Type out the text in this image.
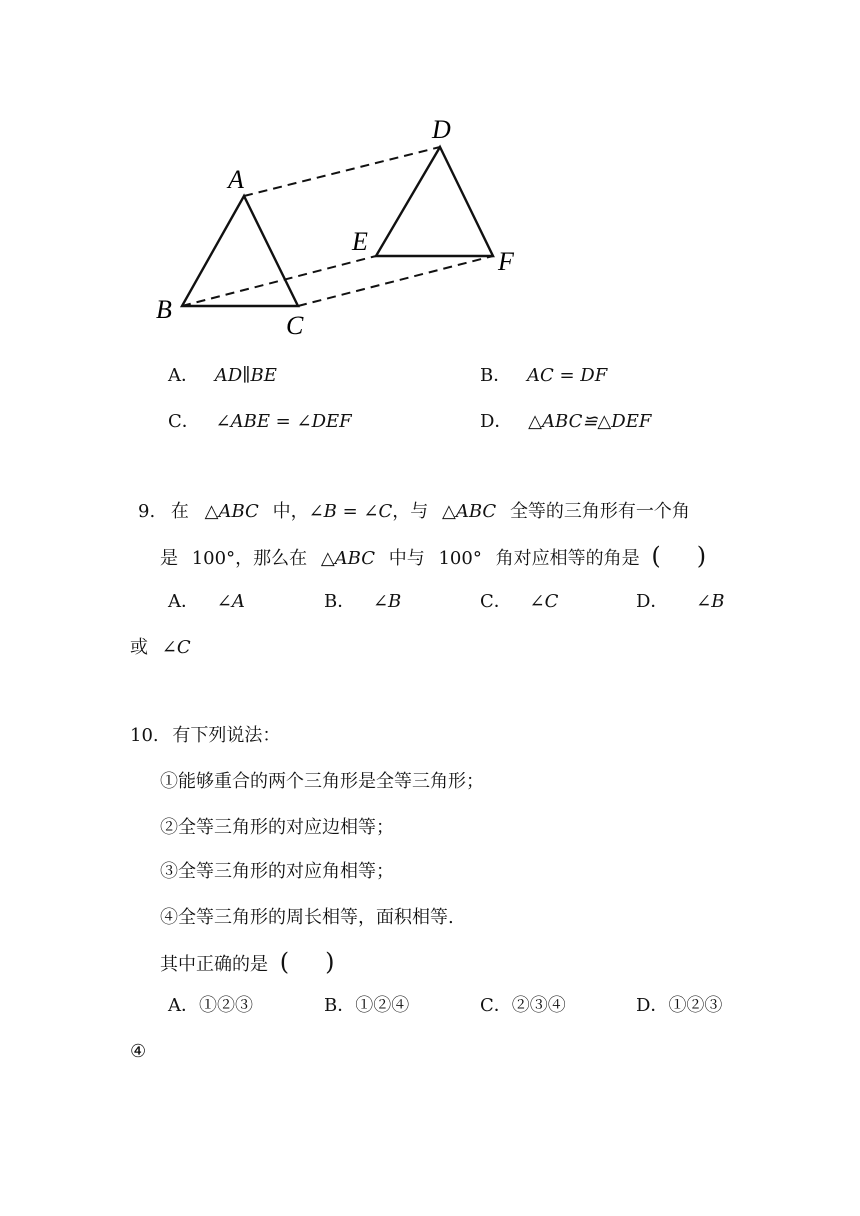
A
B
C
D
E
F
A． AD∥BE	B． AC = DF
C． ∠ABE = ∠DEF	D． △ABC≌△DEF
9. 在 △ABC 中，∠B = ∠C，与 △ABC 全等的三角形有一个角
是 100°，那么在 △ABC 中与 100° 角对应相等的角是 ( )
A． ∠A	B． ∠B	C． ∠C	D． ∠B
或 ∠C
10. 有下列说法：
①能够重合的两个三角形是全等三角形；
②全等三角形的对应边相等；
③全等三角形的对应角相等；
④全等三角形的周长相等，面积相等.
其中正确的是 ( )
A．①②③	B．①②④	C．②③④	D．①②③
④
